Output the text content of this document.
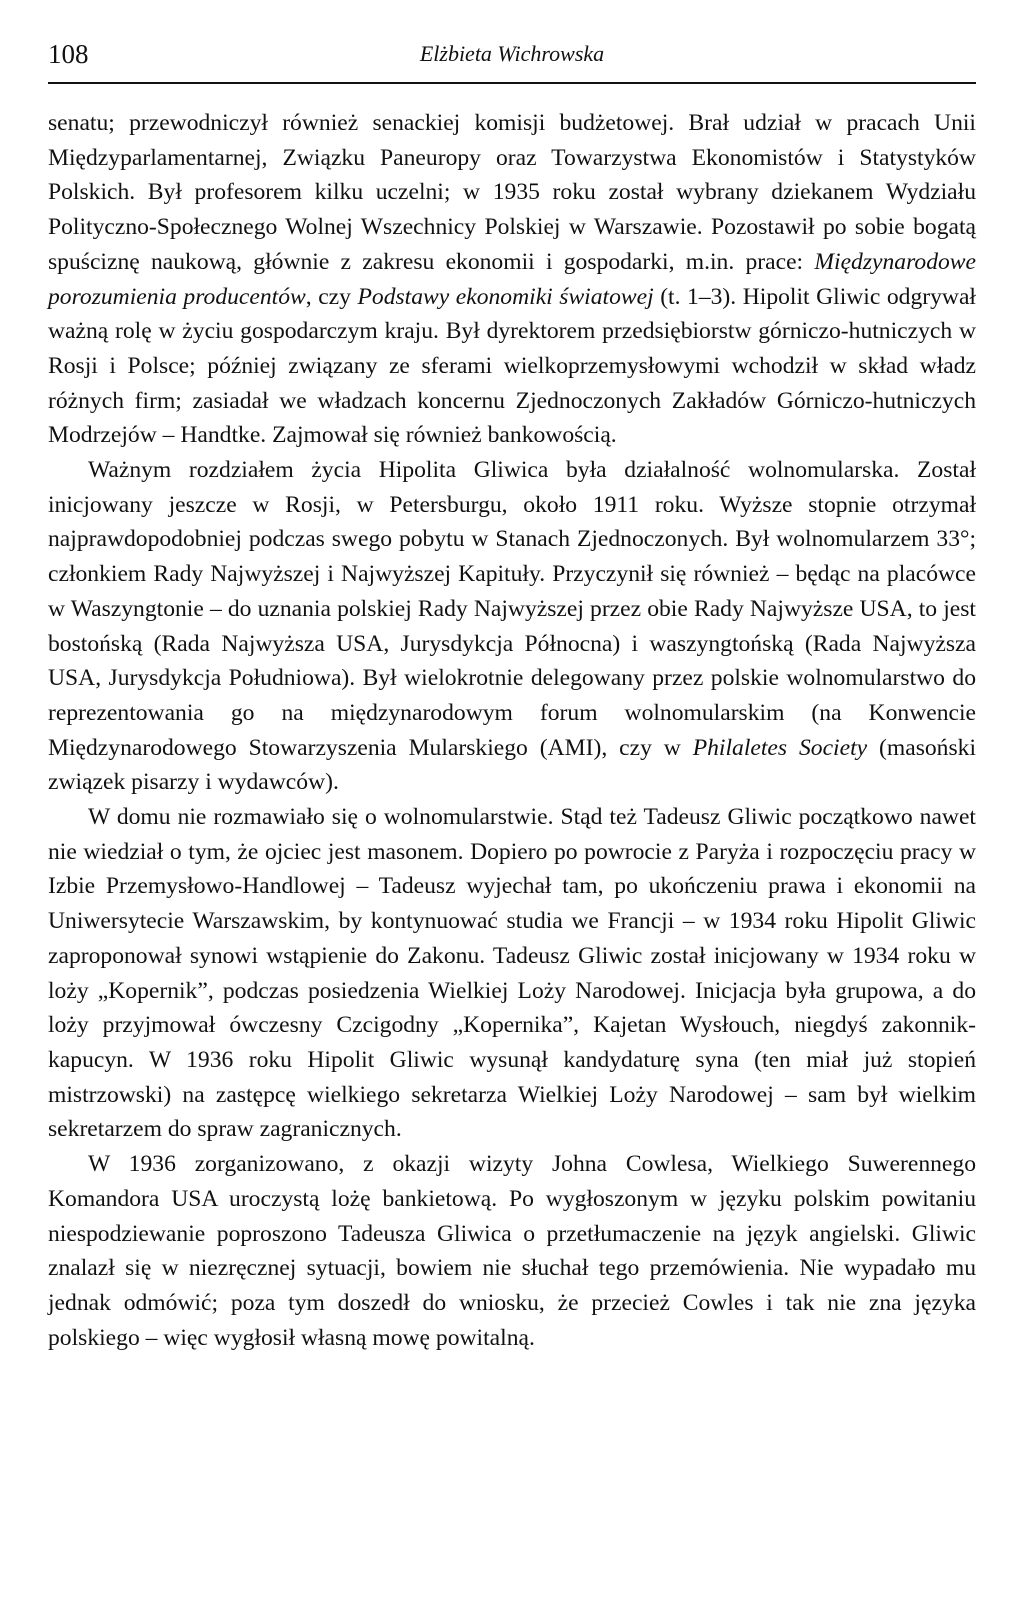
108	Elżbieta Wichrowska

senatu; przewodniczył również senackiej komisji budżetowej. Brał udział w pracach Unii Międzyparlamentarnej, Związku Paneuropy oraz Towarzystwa Ekonomistów i Statystyków Polskich. Był profesorem kilku uczelni; w 1935 roku został wybrany dziekanem Wydziału Polityczno-Społecznego Wolnej Wszechnicy Polskiej w Warszawie. Pozostawił po sobie bogatą spuściznę naukową, głównie z zakresu ekonomii i gospodarki, m.in. prace: Międzynarodowe porozumienia producentów, czy Podstawy ekonomiki światowej (t. 1–3). Hipolit Gliwic odgrywał ważną rolę w życiu gospodarczym kraju. Był dyrektorem przedsiębiorstw górniczo-hutniczych w Rosji i Polsce; później związany ze sferami wielkoprzemysłowymi wchodził w skład władz różnych firm; zasiadał we władzach koncernu Zjednoczonych Zakładów Górniczo-hutniczych Modrzejów – Handtke. Zajmował się również bankowością.

Ważnym rozdziałem życia Hipolita Gliwica była działalność wolnomularska. Został inicjowany jeszcze w Rosji, w Petersburgu, około 1911 roku. Wyższe stopnie otrzymał najprawdopodobniej podczas swego pobytu w Stanach Zjednoczonych. Był wolnomularzem 33°; członkiem Rady Najwyższej i Najwyższej Kapituły. Przyczynił się również – będąc na placówce w Waszyngtonie – do uznania polskiej Rady Najwyższej przez obie Rady Najwyższe USA, to jest bostońską (Rada Najwyższa USA, Jurysdykcja Północna) i waszyngtońską (Rada Najwyższa USA, Jurysdykcja Południowa). Był wielokrotnie delegowany przez polskie wolnomularstwo do reprezentowania go na międzynarodowym forum wolnomularskim (na Konwencie Międzynarodowego Stowarzyszenia Mularskiego (AMI), czy w Philaletes Society (masoński związek pisarzy i wydawców).

W domu nie rozmawiało się o wolnomularstwie. Stąd też Tadeusz Gliwic początkowo nawet nie wiedział o tym, że ojciec jest masonem. Dopiero po powrocie z Paryża i rozpoczęciu pracy w Izbie Przemysłowo-Handlowej – Tadeusz wyjechał tam, po ukończeniu prawa i ekonomii na Uniwersytecie Warszawskim, by kontynuować studia we Francji – w 1934 roku Hipolit Gliwic zaproponował synowi wstąpienie do Zakonu. Tadeusz Gliwic został inicjowany w 1934 roku w loży „Kopernik”, podczas posiedzenia Wielkiej Loży Narodowej. Inicjacja była grupowa, a do loży przyjmował ówczesny Czcigodny „Kopernika”, Kajetan Wysłouch, niegdyś zakonnik-kapucyn. W 1936 roku Hipolit Gliwic wysunął kandydaturę syna (ten miał już stopień mistrzowski) na zastępcę wielkiego sekretarza Wielkiej Loży Narodowej – sam był wielkim sekretarzem do spraw zagranicznych.

W 1936 zorganizowano, z okazji wizyty Johna Cowlesa, Wielkiego Suwerennego Komandora USA uroczystą lożę bankietową. Po wygłoszonym w języku polskim powitaniu niespodziewanie poproszono Tadeusza Gliwica o przetłumaczenie na język angielski. Gliwic znalazł się w niezręcznej sytuacji, bowiem nie słuchał tego przemówienia. Nie wypadało mu jednak odmówić; poza tym doszedł do wniosku, że przecież Cowles i tak nie zna języka polskiego – więc wygłosił własną mowę powitalną.
